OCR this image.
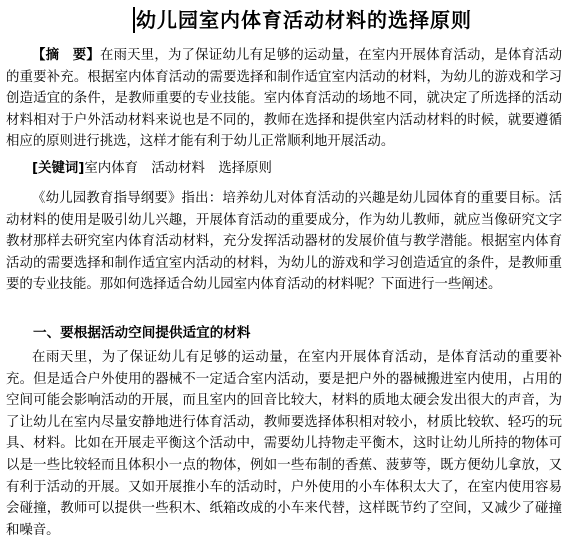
幼儿园室内体育活动材料的选择原则

【摘　要】在雨天里，为了保证幼儿有足够的运动量，在室内开展体育活动，是体育活动的重要补充。根据室内体育活动的需要选择和制作适宜室内活动的材料，为幼儿的游戏和学习创造适宜的条件，是教师重要的专业技能。室内体育活动的场地不同，就决定了所选择的活动材料相对于户外活动材料来说也是不同的，教师在选择和提供室内活动材料的时候，就要遵循相应的原则进行挑选，这样才能有利于幼儿正常顺利地开展活动。

[关键词]室内体育　活动材料　选择原则

《幼儿园教育指导纲要》指出：培养幼儿对体育活动的兴趣是幼儿园体育的重要目标。活动材料的使用是吸引幼儿兴趣，开展体育活动的重要成分，作为幼儿教师，就应当像研究文字教材那样去研究室内体育活动材料，充分发挥活动器材的发展价值与教学潜能。根据室内体育活动的需要选择和制作适宜室内活动的材料，为幼儿的游戏和学习创造适宜的条件，是教师重要的专业技能。那如何选择适合幼儿园室内体育活动的材料呢？下面进行一些阐述。

一、要根据活动空间提供适宜的材料

在雨天里，为了保证幼儿有足够的运动量，在室内开展体育活动，是体育活动的重要补充。但是适合户外使用的器械不一定适合室内活动，要是把户外的器械搬进室内使用，占用的空间可能会影响活动的开展，而且室内的回音比较大，材料的质地太硬会发出很大的声音，为了让幼儿在室内尽量安静地进行体育活动，教师要选择体积相对较小，材质比较软、轻巧的玩具、材料。比如在开展走平衡这个活动中，需要幼儿持物走平衡木，这时让幼儿所持的物体可以是一些比较轻而且体积小一点的物体，例如一些布制的香蕉、菠萝等，既方便幼儿拿放，又有利于活动的开展。又如开展推小车的活动时，户外使用的小车体积太大了，在室内使用容易会碰撞，教师可以提供一些积木、纸箱改成的小车来代替，这样既节约了空间，又减少了碰撞和噪音。
